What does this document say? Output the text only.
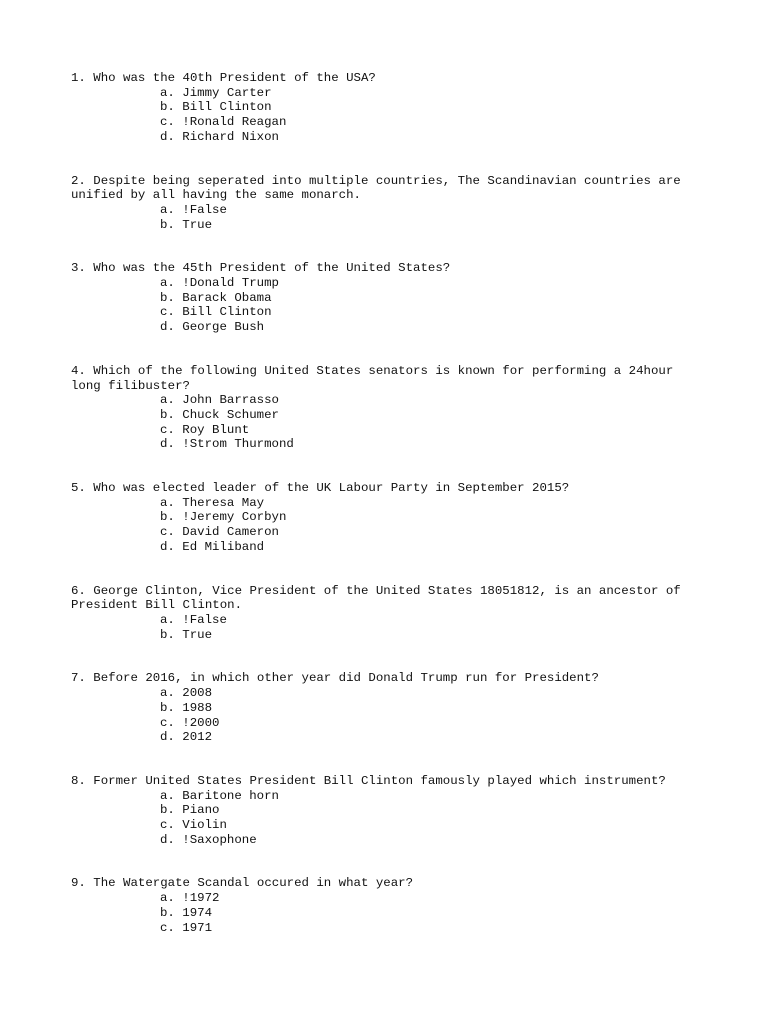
1. Who was the 40th President of the USA?
a. Jimmy Carter
b. Bill Clinton
c. !Ronald Reagan
d. Richard Nixon
2. Despite being seperated into multiple countries, The Scandinavian countries are unified by all having the same monarch.
a. !False
b. True
3. Who was the 45th President of the United States?
a. !Donald Trump
b. Barack Obama
c. Bill Clinton
d. George Bush
4. Which of the following United States senators is known for performing a 24hour long filibuster?
a. John Barrasso
b. Chuck Schumer
c. Roy Blunt
d. !Strom Thurmond
5. Who was elected leader of the UK Labour Party in September 2015?
a. Theresa May
b. !Jeremy Corbyn
c. David Cameron
d. Ed Miliband
6. George Clinton, Vice President of the United States 18051812, is an ancestor of President Bill Clinton.
a. !False
b. True
7. Before 2016, in which other year did Donald Trump run for President?
a. 2008
b. 1988
c. !2000
d. 2012
8. Former United States President Bill Clinton famously played which instrument?
a. Baritone horn
b. Piano
c. Violin
d. !Saxophone
9. The Watergate Scandal occured in what year?
a. !1972
b. 1974
c. 1971
